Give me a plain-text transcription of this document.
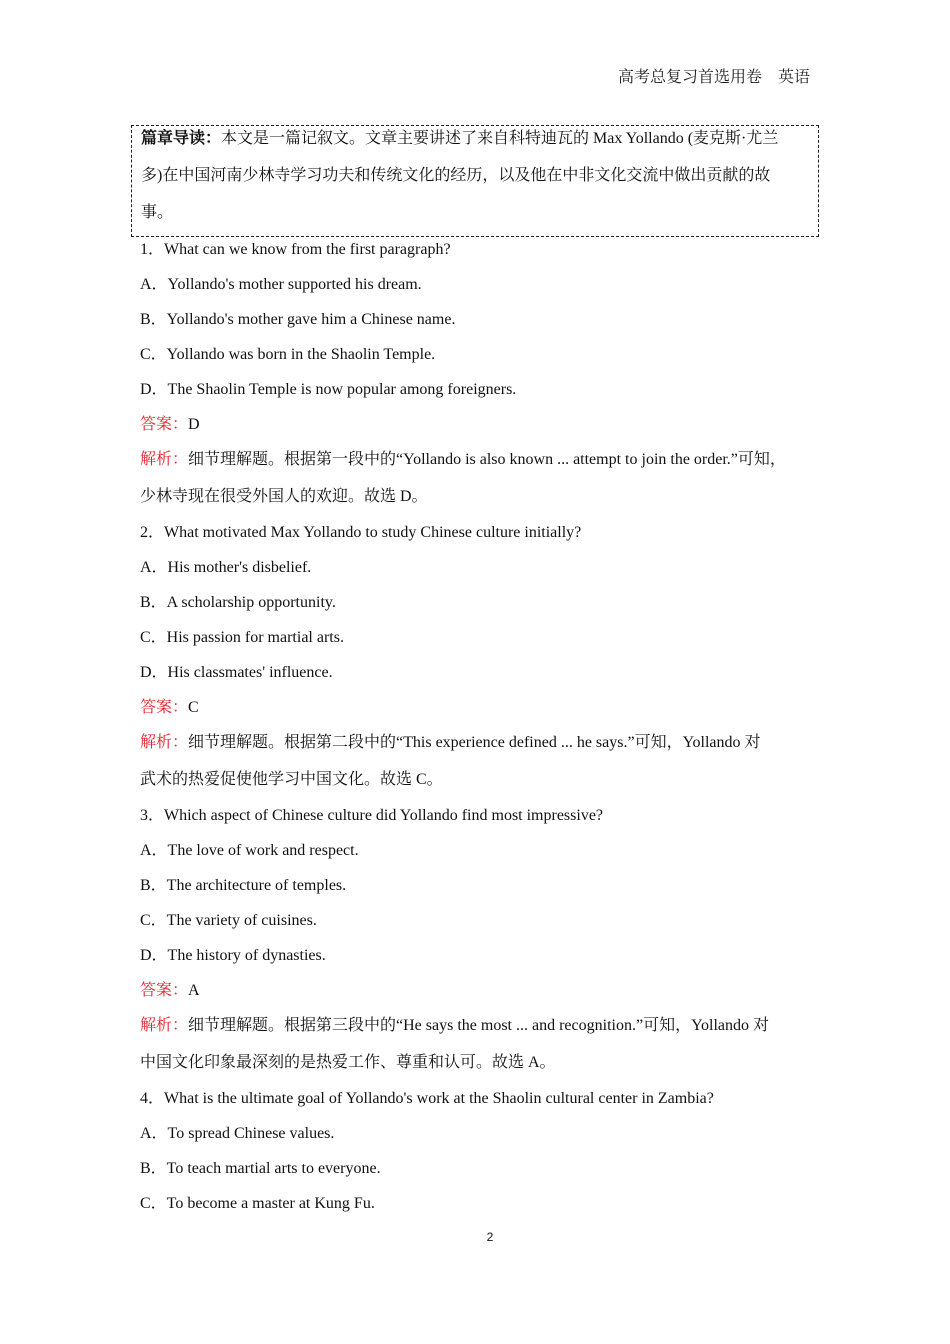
高考总复习首选用卷 英语
篇章导读：本文是一篇记叙文。文章主要讲述了来自科特迪瓦的 Max Yollando (麦克斯·尤兰
多)在中国河南少林寺学习功夫和传统文化的经历，以及他在中非文化交流中做出贡献的故
事。
1．What can we know from the first paragraph?
A．Yollando's mother supported his dream.
B．Yollando's mother gave him a Chinese name.
C．Yollando was born in the Shaolin Temple.
D．The Shaolin Temple is now popular among foreigners.
答案：D
解析：细节理解题。根据第一段中的“Yollando is also known ... attempt to join the order.”可知，
少林寺现在很受外国人的欢迎。故选 D。
2．What motivated Max Yollando to study Chinese culture initially?
A．His mother's disbelief.
B．A scholarship opportunity.
C．His passion for martial arts.
D．His classmates' influence.
答案：C
解析：细节理解题。根据第二段中的“This experience defined ... he says.”可知，Yollando 对
武术的热爱促使他学习中国文化。故选 C。
3．Which aspect of Chinese culture did Yollando find most impressive?
A．The love of work and respect.
B．The architecture of temples.
C．The variety of cuisines.
D．The history of dynasties.
答案：A
解析：细节理解题。根据第三段中的“He says the most ... and recognition.”可知，Yollando 对
中国文化印象最深刻的是热爱工作、尊重和认可。故选 A。
4．What is the ultimate goal of Yollando's work at the Shaolin cultural center in Zambia?
A．To spread Chinese values.
B．To teach martial arts to everyone.
C．To become a master at Kung Fu.
2
